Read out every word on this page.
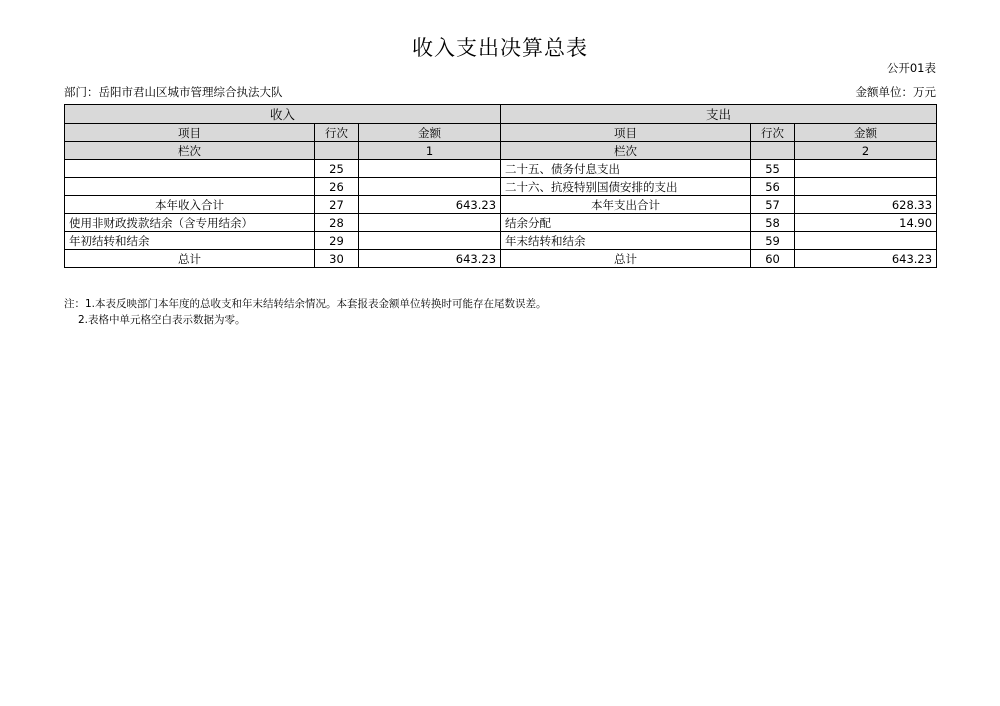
收入支出决算总表
公开01表
部门：岳阳市君山区城市管理综合执法大队	金额单位：万元
收入			支出		
项目	行次	金额	项目	行次	金额
栏次		1	栏次		2
	25		二十五、债务付息支出	55	
	26		二十六、抗疫特别国债安排的支出	56	
本年收入合计	27	643.23	本年支出合计	57	628.33
使用非财政拨款结余（含专用结余）	28		结余分配	58	14.90
年初结转和结余	29		年末结转和结余	59	
总计	30	643.23	总计	60	643.23
注：1.本表反映部门本年度的总收支和年末结转结余情况。本套报表金额单位转换时可能存在尾数误差。
2.表格中单元格空白表示数据为零。
